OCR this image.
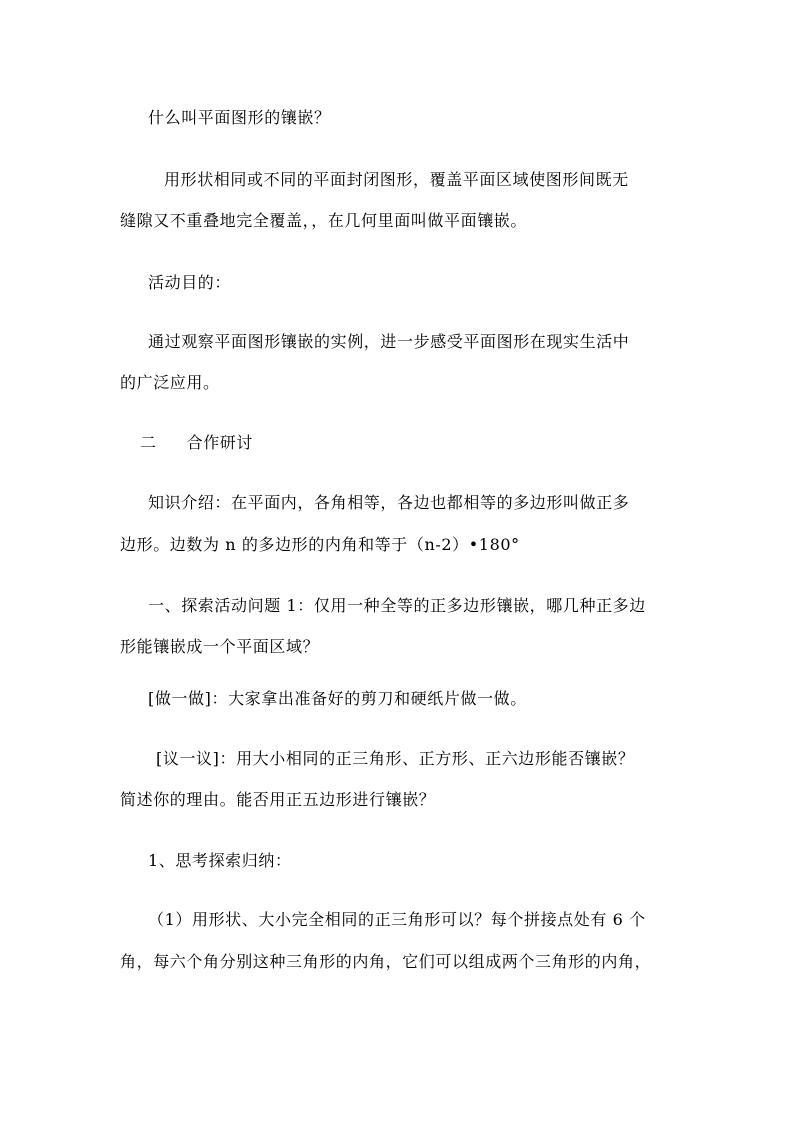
什么叫平面图形的镶嵌？
用形状相同或不同的平面封闭图形，覆盖平面区域使图形间既无
缝隙又不重叠地完全覆盖，，在几何里面叫做平面镶嵌。
活动目的：
通过观察平面图形镶嵌的实例，进一步感受平面图形在现实生活中
的广泛应用。
二 合作研讨
知识介绍：在平面内，各角相等，各边也都相等的多边形叫做正多
边形。边数为 n 的多边形的内角和等于（n-2）•180°
一、探索活动问题 1：仅用一种全等的正多边形镶嵌，哪几种正多边
形能镶嵌成一个平面区域？
[做一做]：大家拿出准备好的剪刀和硬纸片做一做。
[议一议]：用大小相同的正三角形、正方形、正六边形能否镶嵌？
简述你的理由。能否用正五边形进行镶嵌？
1、思考探索归纳：
（1）用形状、大小完全相同的正三角形可以？每个拼接点处有 6 个
角，每六个角分别这种三角形的内角，它们可以组成两个三角形的内角，
